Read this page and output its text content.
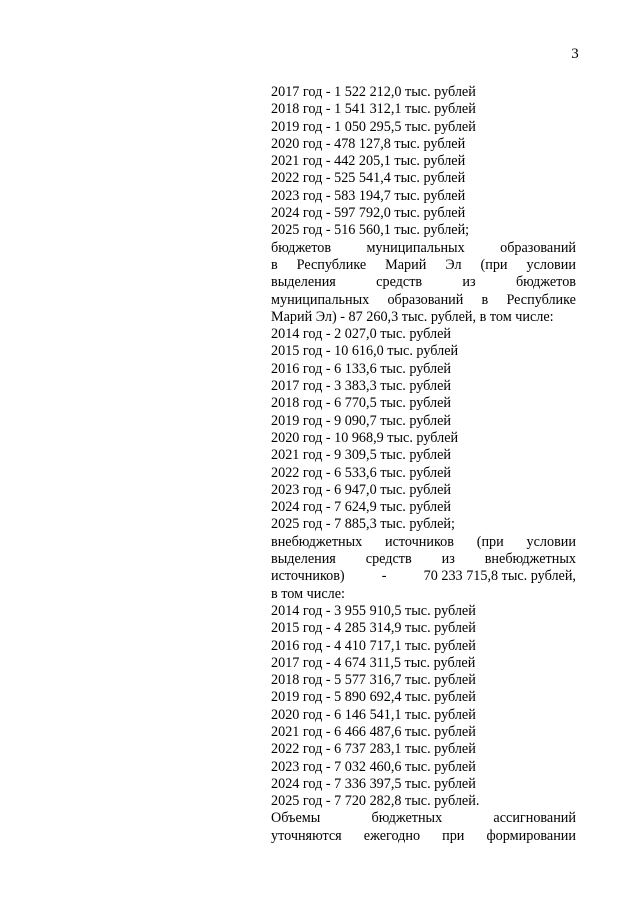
3
2017 год - 1 522 212,0 тыс. рублей
2018 год - 1 541 312,1 тыс. рублей
2019 год - 1 050 295,5 тыс. рублей
2020 год - 478 127,8 тыс. рублей
2021 год - 442 205,1 тыс. рублей
2022 год - 525 541,4 тыс. рублей
2023 год - 583 194,7 тыс. рублей
2024 год - 597 792,0 тыс. рублей
2025 год - 516 560,1 тыс. рублей;
бюджетов муниципальных образований
в Республике Марий Эл (при условии
выделения	средств	из	бюджетов
муниципальных образований в Республике
Марий Эл) - 87 260,3 тыс. рублей, в том числе:
2014 год - 2 027,0 тыс. рублей
2015 год - 10 616,0 тыс. рублей
2016 год - 6 133,6 тыс. рублей
2017 год - 3 383,3 тыс. рублей
2018 год - 6 770,5 тыс. рублей
2019 год - 9 090,7 тыс. рублей
2020 год - 10 968,9 тыс. рублей
2021 год - 9 309,5 тыс. рублей
2022 год - 6 533,6 тыс. рублей
2023 год - 6 947,0 тыс. рублей
2024 год - 7 624,9 тыс. рублей
2025 год - 7 885,3 тыс. рублей;
внебюджетных источников (при условии
выделения средств из внебюджетных
источников)	-	70 233 715,8 тыс. рублей,
в том числе:
2014 год - 3 955 910,5 тыс. рублей
2015 год - 4 285 314,9 тыс. рублей
2016 год - 4 410 717,1 тыс. рублей
2017 год - 4 674 311,5 тыс. рублей
2018 год - 5 577 316,7 тыс. рублей
2019 год - 5 890 692,4 тыс. рублей
2020 год - 6 146 541,1 тыс. рублей
2021 год - 6 466 487,6 тыс. рублей
2022 год - 6 737 283,1 тыс. рублей
2023 год - 7 032 460,6 тыс. рублей
2024 год - 7 336 397,5 тыс. рублей
2025 год - 7 720 282,8 тыс. рублей.
Объемы	бюджетных	ассигнований
уточняются ежегодно при формировании
